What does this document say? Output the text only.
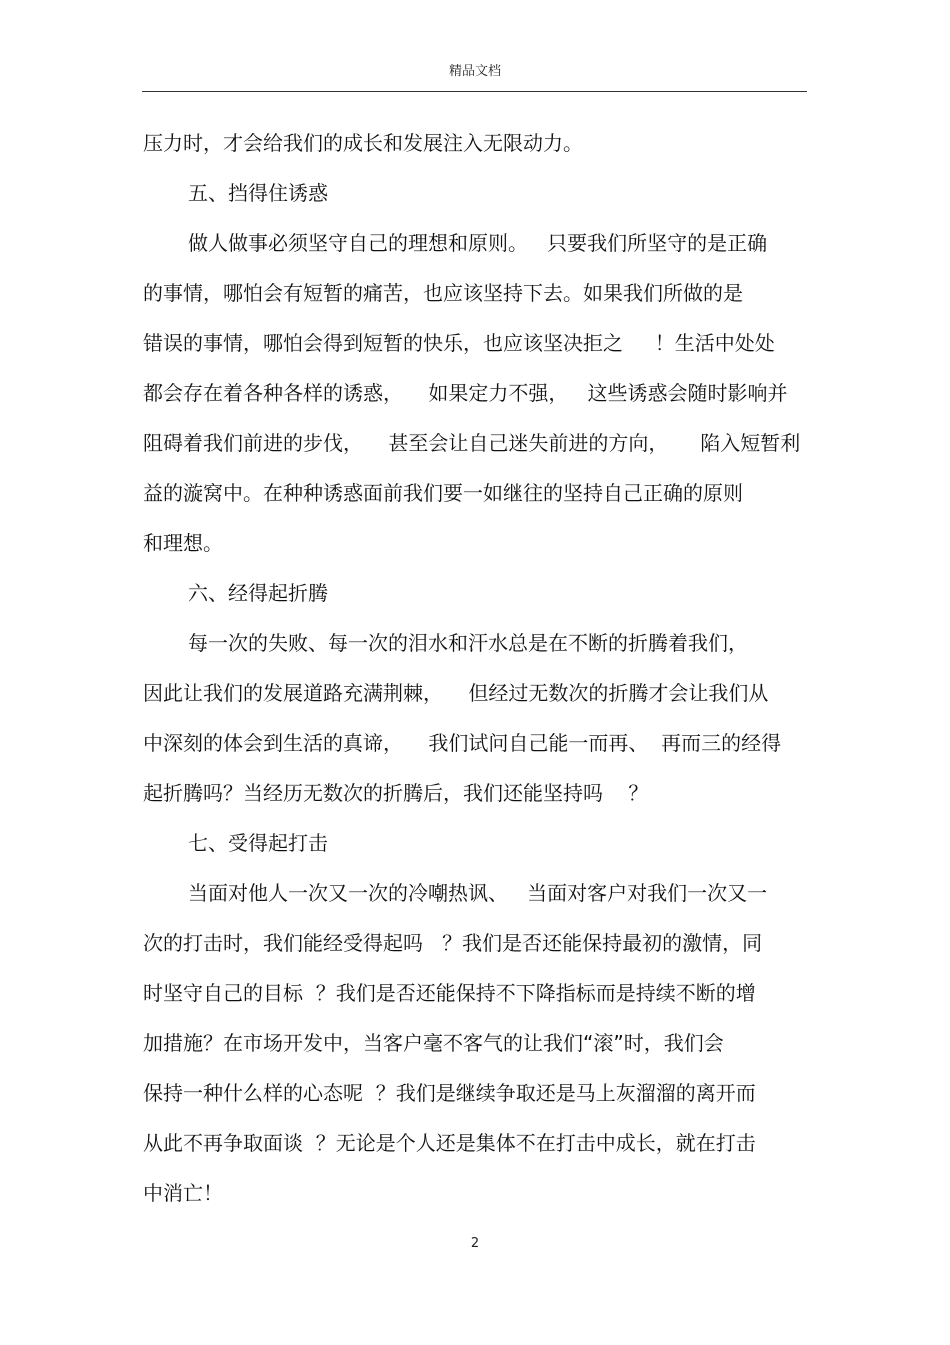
精品文档
压力时，才会给我们的成长和发展注入无限动力。
五、挡得住诱惑
做人做事必须坚守自己的理想和原则。   只要我们所坚守的是正确
的事情，哪怕会有短暂的痛苦，也应该坚持下去。如果我们所做的是
错误的事情，哪怕会得到短暂的快乐，也应该坚决拒之     ！生活中处处
都会存在着各种各样的诱惑，    如果定力不强，   这些诱惑会随时影响并
阻碍着我们前进的步伐，    甚至会让自己迷失前进的方向，     陷入短暂利
益的漩窝中。在种种诱惑面前我们要一如继往的坚持自己正确的原则
和理想。
六、经得起折腾
每一次的失败、每一次的泪水和汗水总是在不断的折腾着我们，
因此让我们的发展道路充满荆棘，    但经过无数次的折腾才会让我们从
中深刻的体会到生活的真谛，    我们试问自己能一而再、  再而三的经得
起折腾吗？当经历无数次的折腾后，我们还能坚持吗    ？
七、受得起打击
当面对他人一次又一次的冷嘲热讽、   当面对客户对我们一次又一
次的打击时，我们能经受得起吗   ？我们是否还能保持最初的激情，同
时坚守自己的目标  ？我们是否还能保持不下降指标而是持续不断的增
加措施？在市场开发中，当客户毫不客气的让我们“滚”时，我们会
保持一种什么样的心态呢  ？我们是继续争取还是马上灰溜溜的离开而
从此不再争取面谈  ？无论是个人还是集体不在打击中成长，就在打击
中消亡！
2
